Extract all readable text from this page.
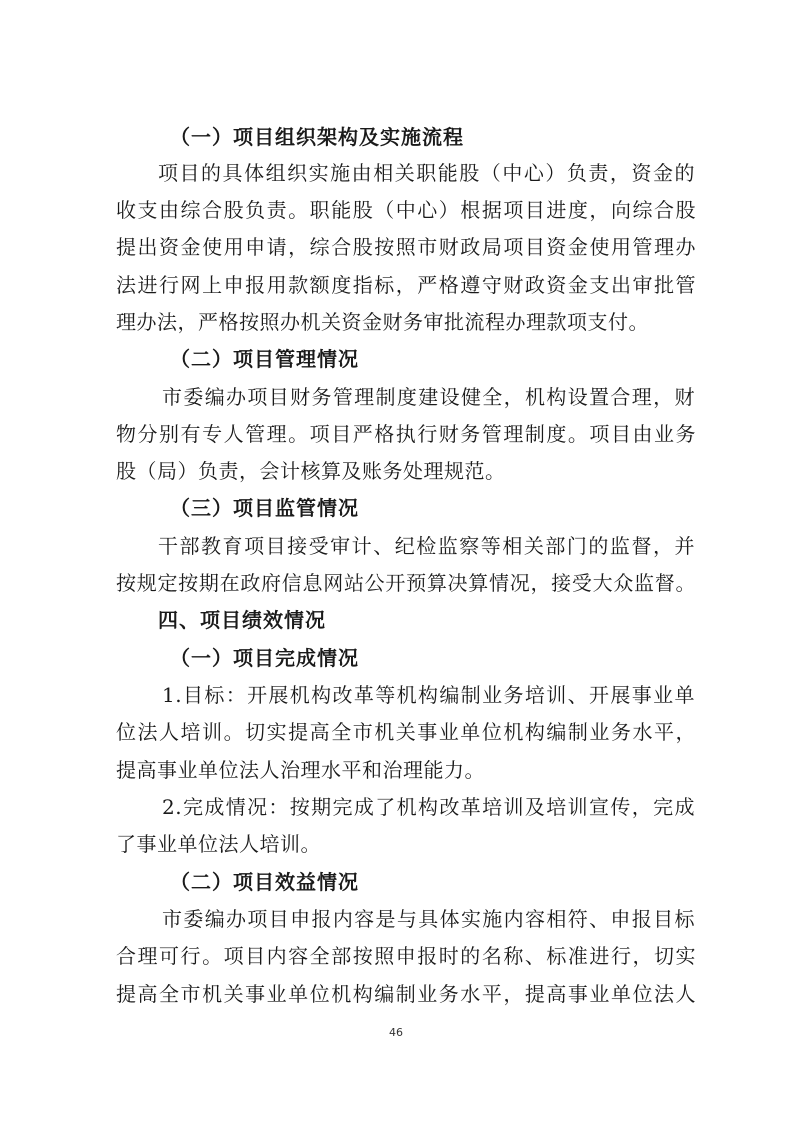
（一）项目组织架构及实施流程
项目的具体组织实施由相关职能股（中心）负责，资金的
收支由综合股负责。职能股（中心）根据项目进度，向综合股
提出资金使用申请，综合股按照市财政局项目资金使用管理办
法进行网上申报用款额度指标，严格遵守财政资金支出审批管
理办法，严格按照办机关资金财务审批流程办理款项支付。
（二）项目管理情况
市委编办项目财务管理制度建设健全，机构设置合理，财
物分别有专人管理。项目严格执行财务管理制度。项目由业务
股（局）负责，会计核算及账务处理规范。
（三）项目监管情况
干部教育项目接受审计、纪检监察等相关部门的监督，并
按规定按期在政府信息网站公开预算决算情况，接受大众监督。
四、项目绩效情况
（一）项目完成情况
1.目标：开展机构改革等机构编制业务培训、开展事业单
位法人培训。切实提高全市机关事业单位机构编制业务水平，
提高事业单位法人治理水平和治理能力。
2.完成情况：按期完成了机构改革培训及培训宣传，完成
了事业单位法人培训。
（二）项目效益情况
市委编办项目申报内容是与具体实施内容相符、申报目标
合理可行。项目内容全部按照申报时的名称、标准进行，切实
提高全市机关事业单位机构编制业务水平，提高事业单位法人
46
